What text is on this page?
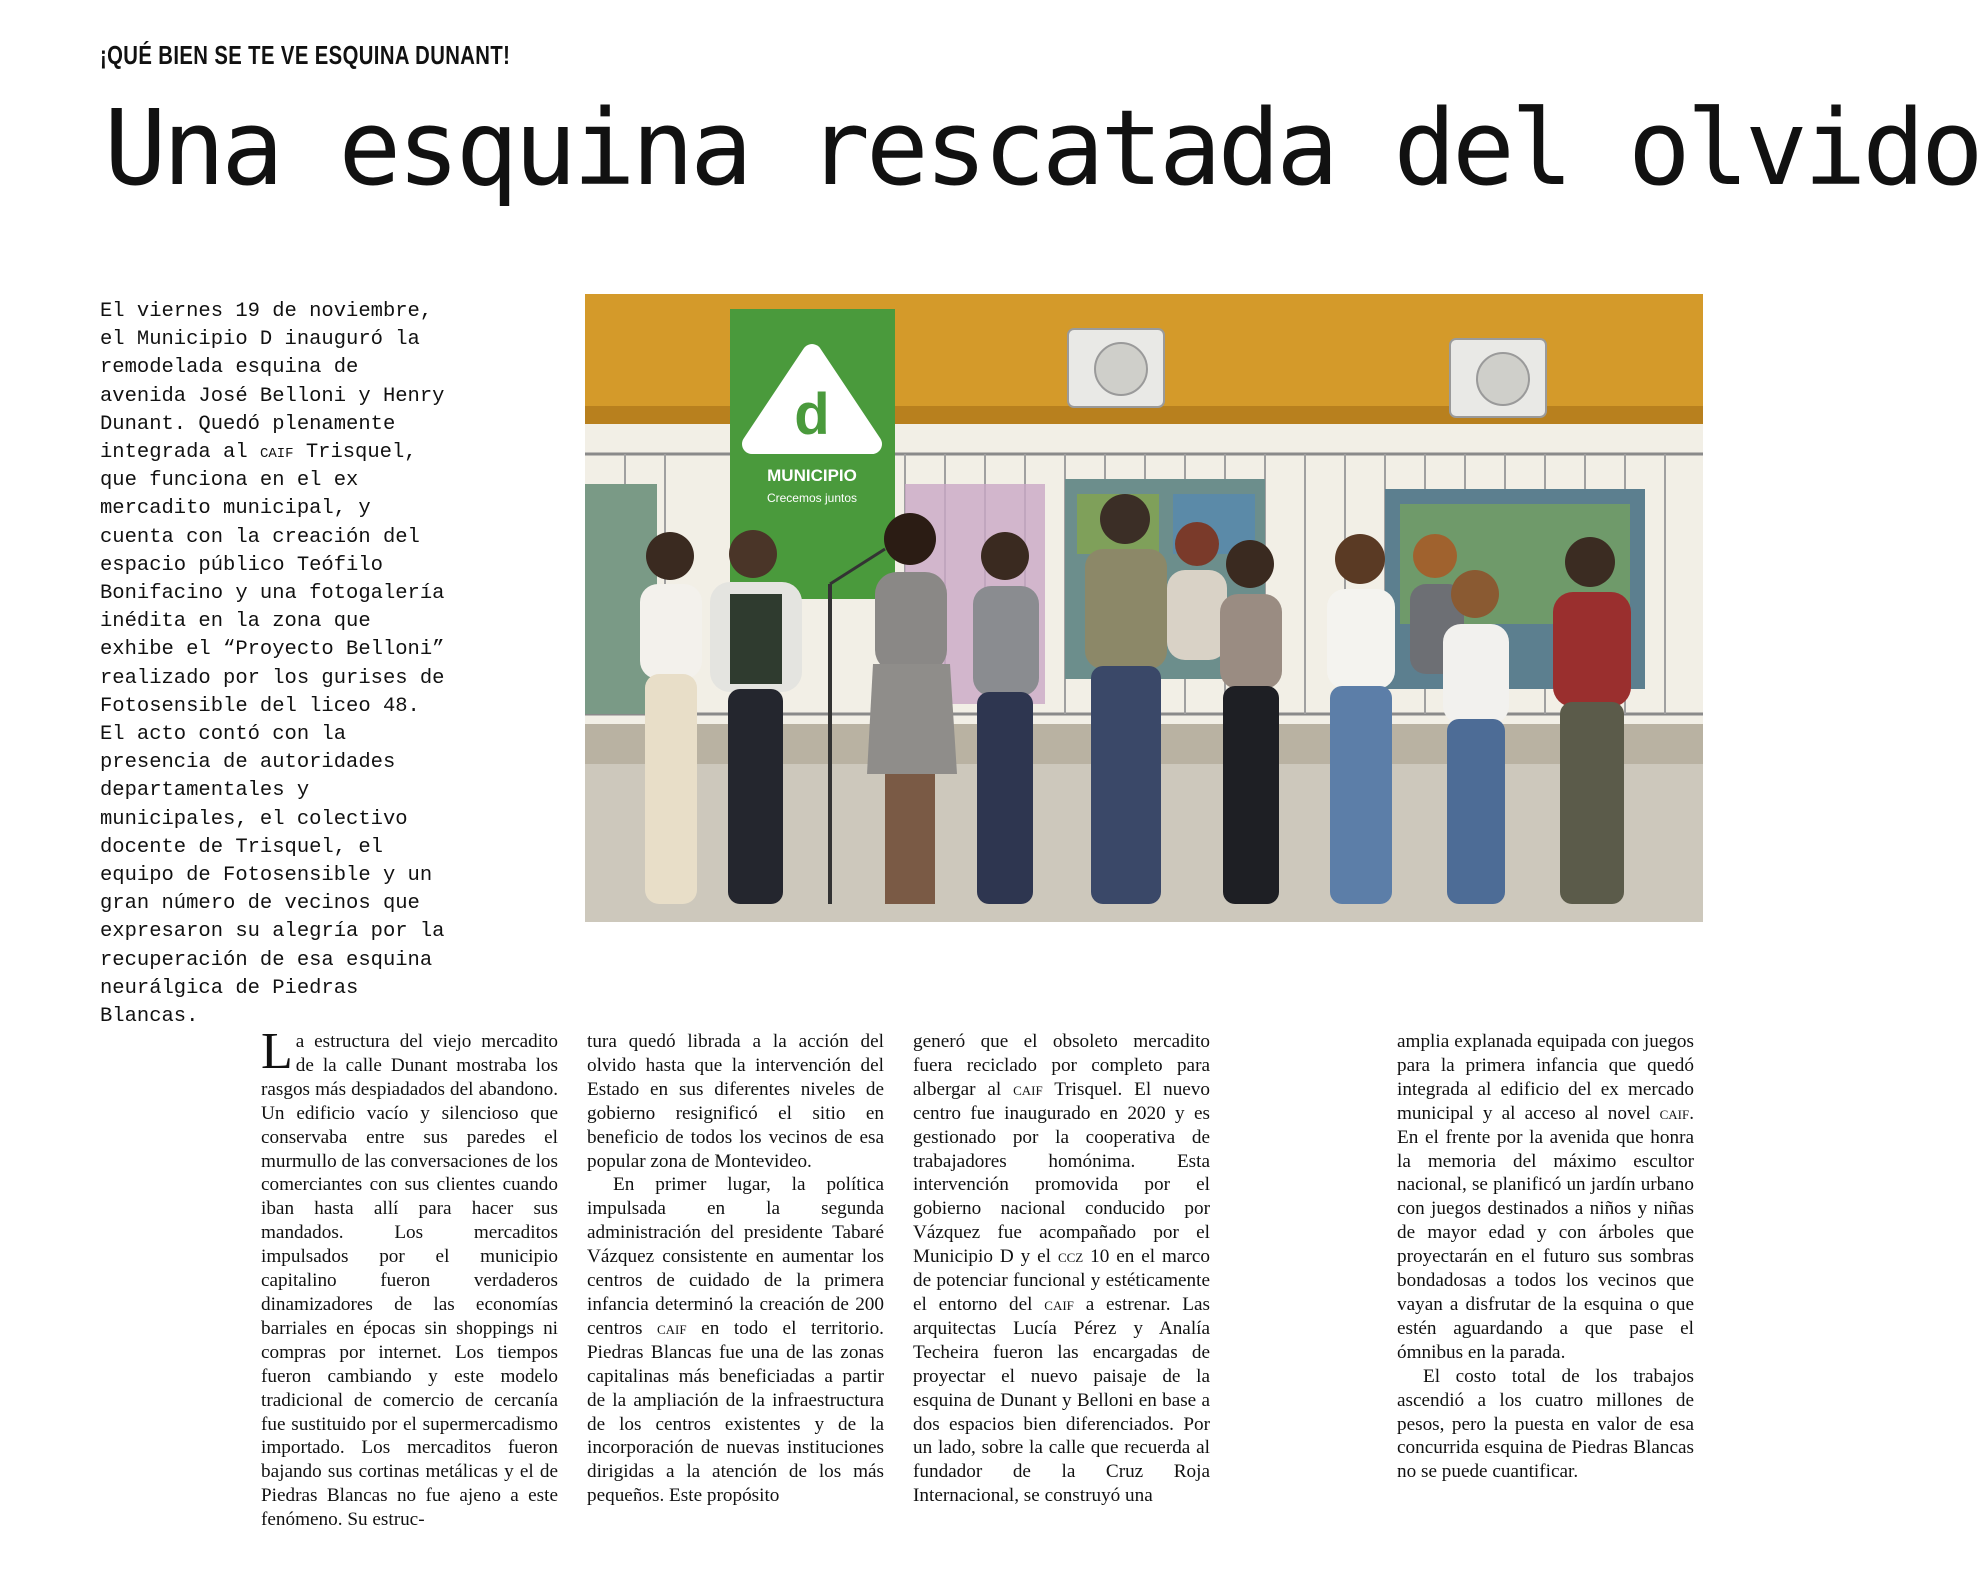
¡QUÉ BIEN SE TE VE ESQUINA DUNANT!
Una esquina rescatada del olvido

El viernes 19 de noviembre, el Municipio D inauguró la remodelada esquina de avenida José Belloni y Henry Dunant. Quedó plenamente integrada al caif Trisquel, que funciona en el ex mercadito municipal, y cuenta con la creación del espacio público Teófilo Bonifacino y una fotogalería inédita en la zona que exhibe el “Proyecto Belloni” realizado por los gurises de Fotosensible del liceo 48. El acto contó con la presencia de autoridades departamentales y municipales, el colectivo docente de Trisquel, el equipo de Fotosensible y un gran número de vecinos que expresaron su alegría por la recuperación de esa esquina neurálgica de Piedras Blancas.

d
MUNICIPIO
Crecemos juntos

La estructura del viejo mercadito de la calle Dunant mostraba los rasgos más despiadados del abandono. Un edificio vacío y silencioso que conservaba entre sus paredes el murmullo de las conversaciones de los comerciantes con sus clientes cuando iban hasta allí para hacer sus mandados. Los mercaditos impulsados por el municipio capitalino fueron verdaderos dinamizadores de las economías barriales en épocas sin shoppings ni compras por internet. Los tiempos fueron cambiando y este modelo tradicional de comercio de cercanía fue sustituido por el supermercadismo importado. Los mercaditos fueron bajando sus cortinas metálicas y el de Piedras Blancas no fue ajeno a este fenómeno. Su estruc-

tura quedó librada a la acción del olvido hasta que la intervención del Estado en sus diferentes niveles de gobierno resignificó el sitio en beneficio de todos los vecinos de esa popular zona de Montevideo.

En primer lugar, la política impulsada en la segunda administración del presidente Tabaré Vázquez consistente en aumentar los centros de cuidado de la primera infancia determinó la creación de 200 centros caif en todo el territorio. Piedras Blancas fue una de las zonas capitalinas más beneficiadas a partir de la ampliación de la infraestructura de los centros existentes y de la incorporación de nuevas instituciones dirigidas a la atención de los más pequeños. Este propósito

generó que el obsoleto mercadito fuera reciclado por completo para albergar al caif Trisquel. El nuevo centro fue inaugurado en 2020 y es gestionado por la cooperativa de trabajadores homónima. Esta intervención promovida por el gobierno nacional conducido por Vázquez fue acompañado por el Municipio D y el ccz 10 en el marco de potenciar funcional y estéticamente el entorno del caif a estrenar. Las arquitectas Lucía Pérez y Analía Techeira fueron las encargadas de proyectar el nuevo paisaje de la esquina de Dunant y Belloni en base a dos espacios bien diferenciados. Por un lado, sobre la calle que recuerda al fundador de la Cruz Roja Internacional, se construyó una

amplia explanada equipada con juegos para la primera infancia que quedó integrada al edificio del ex mercado municipal y al acceso al novel caif. En el frente por la avenida que honra la memoria del máximo escultor nacional, se planificó un jardín urbano con juegos destinados a niños y niñas de mayor edad y con árboles que proyectarán en el futuro sus sombras bondadosas a todos los vecinos que vayan a disfrutar de la esquina o que estén aguardando a que pase el ómnibus en la parada.

El costo total de los trabajos ascendió a los cuatro millones de pesos, pero la puesta en valor de esa concurrida esquina de Piedras Blancas no se puede cuantificar.
